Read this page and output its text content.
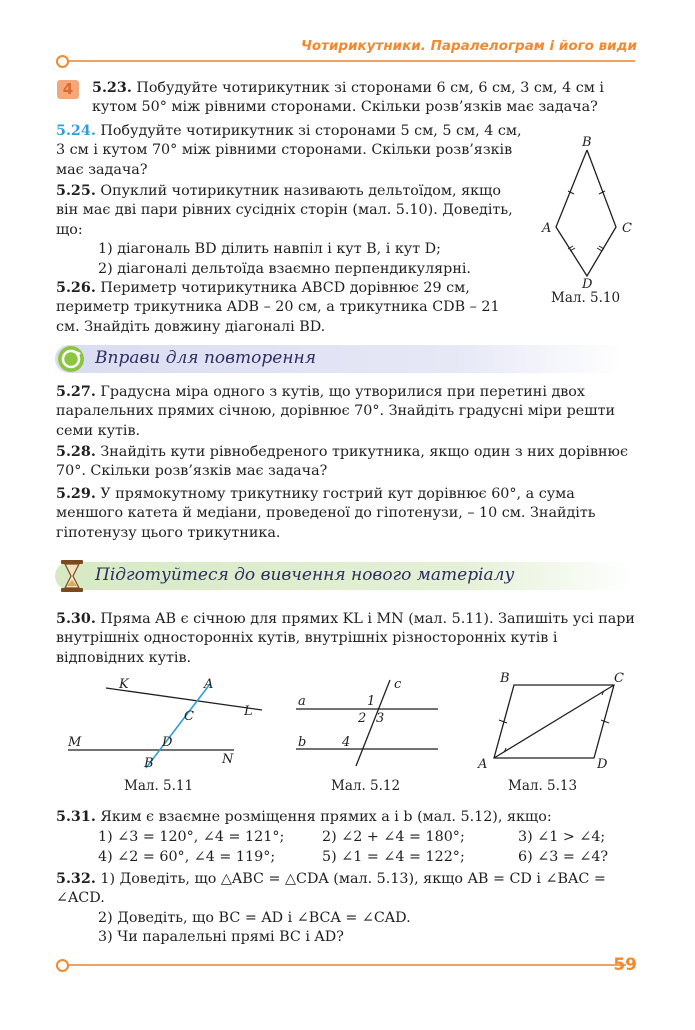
Чотирикутники. Паралелограм і його види
4	5.23. Побудуйте чотирикутник зі сторонами 6 см, 6 см, 3 см, 4 см і кутом 50° між рівними сторонами. Скільки розв’язків має задача?
5.24. Побудуйте чотирикутник зі сторонами 5 см, 5 см, 4 см, 3 см і кутом 70° між рівними сторонами. Скільки розв’язків має задача?
5.25. Опуклий чотирикутник називають дельтоїдом, якщо він має дві пари рівних сусідніх сторін (мал. 5.10). Доведіть, що:
1) діагональ BD ділить навпіл і кут B, і кут D;
2) діагоналі дельтоїда взаємно перпендикулярні.
5.26. Периметр чотирикутника ABCD дорівнює 29 см, периметр трикутника ADB – 20 см, а трикутника CDB – 21 см. Знайдіть довжину діагоналі BD.
B
A	C
D
Мал. 5.10
Вправи для повторення
5.27. Градусна міра одного з кутів, що утворилися при перетині двох паралельних прямих січною, дорівнює 70°. Знайдіть градусні міри решти семи кутів.
5.28. Знайдіть кути рівнобедреного трикутника, якщо один з них дорівнює 70°. Скільки розв’язків має задача?
5.29. У прямокутному трикутнику гострий кут дорівнює 60°, а сума меншого катета й медіани, проведеної до гіпотенузи, – 10 см. Знайдіть гіпотенузу цього трикутника.
Підготуйтеся до вивчення нового матеріалу
5.30. Пряма AB є січною для прямих KL і MN (мал. 5.11). Запишіть усі пари внутрішніх односторонніх кутів, внутрішніх різносторонніх кутів і відповідних кутів.
K	A
L
C
M	D
B	N
Мал. 5.11
a
b
c
1
2 3
4
Мал. 5.12
B	C
A	D
Мал. 5.13
5.31. Яким є взаємне розміщення прямих a і b (мал. 5.12), якщо:
1) ∠3 = 120°, ∠4 = 121°;	2) ∠2 + ∠4 = 180°;	3) ∠1 > ∠4;
4) ∠2 = 60°, ∠4 = 119°;	5) ∠1 = ∠4 = 122°;	6) ∠3 = ∠4?
5.32. 1) Доведіть, що △ABC = △CDA (мал. 5.13), якщо AB = CD і ∠BAC = ∠ACD.
2) Доведіть, що BC = AD і ∠BCA = ∠CAD.
3) Чи паралельні прямі BC і AD?
59
